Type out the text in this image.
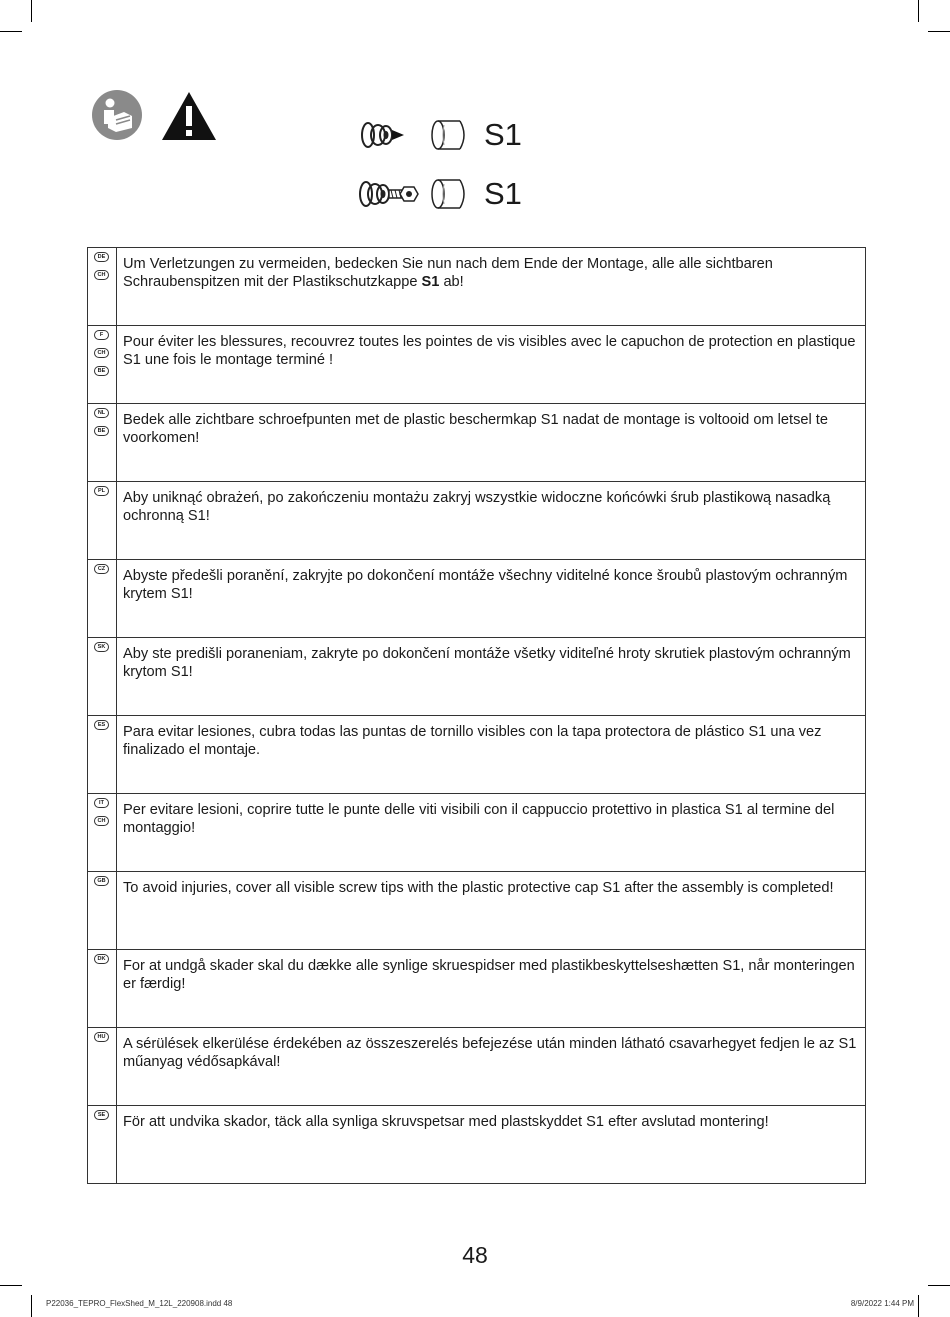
S1
S1
DE
CH	Um Verletzungen zu vermeiden, bedecken Sie nun nach dem Ende der Montage, alle alle sichtbaren Schraubenspitzen mit der Plastikschutzkappe S1 ab!

F
CH
BE	Pour éviter les blessures, recouvrez toutes les pointes de vis visibles avec le capuchon de protection en plastique S1 une fois le montage terminé !

NL
BE	Bedek alle zichtbare schroefpunten met de plastic beschermkap S1 nadat de montage is voltooid om letsel te voorkomen!

PL	Aby uniknąć obrażeń, po zakończeniu montażu zakryj wszystkie widoczne końcówki śrub plastikową nasadką ochronną S1!

CZ	Abyste předešli poranění, zakryjte po dokončení montáže všechny viditelné konce šroubů plastovým ochranným krytem S1!

SK	Aby ste predišli poraneniam, zakryte po dokončení montáže všetky viditeľné hroty skrutiek plastovým ochranným krytom S1!

ES	Para evitar lesiones, cubra todas las puntas de tornillo visibles con la tapa protectora de plástico S1 una vez finalizado el montaje.

IT
CH	Per evitare lesioni, coprire tutte le punte delle viti visibili con il cappuccio protettivo in plastica S1 al termine del montaggio!

GB	To avoid injuries, cover all visible screw tips with the plastic protective cap S1 after the assembly is completed!

DK	For at undgå skader skal du dække alle synlige skruespidser med plastikbeskyttelseshætten S1, når monteringen er færdig!

HU	A sérülések elkerülése érdekében az összeszerelés befejezése után minden látható csavarhegyet fedjen le az S1 műanyag védősapkával!

SE	För att undvika skador, täck alla synliga skruvspetsar med plastskyddet S1 efter avslutad montering!
48
P22036_TEPRO_FlexShed_M_12L_220908.indd 48	8/9/2022 1:44 PM
